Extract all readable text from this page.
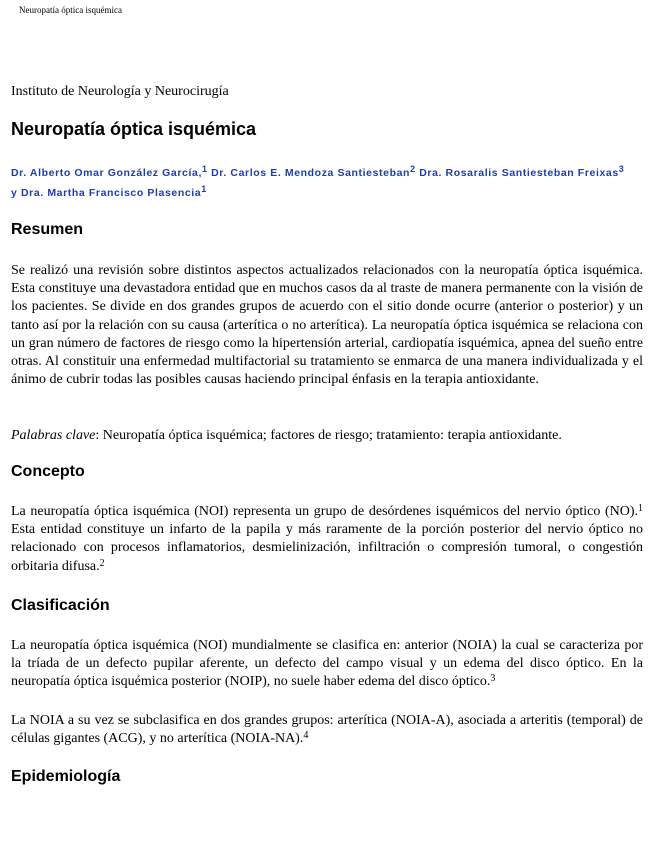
Neuropatía óptica isquémica
Instituto de Neurología y Neurocirugía
Neuropatía óptica isquémica
Dr. Alberto Omar González García,$^1$ Dr. Carlos E. Mendoza Santiesteban$^2$ Dra. Rosaralis Santiesteban Freixas$^3$ y Dra. Martha Francisco Plasencia$^1$
Resumen

Se realizó una revisión sobre distintos aspectos actualizados relacionados con la neuropatía óptica isquémica. Esta constituye una devastadora entidad que en muchos casos da al traste de manera permanente con la visión de los pacientes. Se divide en dos grandes grupos de acuerdo con el sitio donde ocurre (anterior o posterior) y un tanto así por la relación con su causa (arterítica o no arterítica). La neuropatía óptica isquémica se relaciona con un gran número de factores de riesgo como la hipertensión arterial, cardiopatía isquémica, apnea del sueño entre otras. Al constituir una enfermedad multifactorial su tratamiento se enmarca de una manera individualizada y el ánimo de cubrir todas las posibles causas haciendo principal énfasis en la terapia antioxidante.

Palabras clave: Neuropatía óptica isquémica; factores de riesgo; tratamiento: terapia antioxidante.

Concepto

La neuropatía óptica isquémica (NOI) representa un grupo de desórdenes isquémicos del nervio óptico (NO).$^1$ Esta entidad constituye un infarto de la papila y más raramente de la porción posterior del nervio óptico no relacionado con procesos inflamatorios, desmielinización, infiltración o compresión tumoral, o congestión orbitaria difusa.$^2$

Clasificación

La neuropatía óptica isquémica (NOI) mundialmente se clasifica en: anterior (NOIA) la cual se caracteriza por la tríada de un defecto pupilar aferente, un defecto del campo visual y un edema del disco óptico. En la neuropatía óptica isquémica posterior (NOIP), no suele haber edema del disco óptico.$^3$

La NOIA a su vez se subclasifica en dos grandes grupos: arterítica (NOIA-A), asociada a arteritis (temporal) de células gigantes (ACG), y no arterítica (NOIA-NA).$^4$

Epidemiología
